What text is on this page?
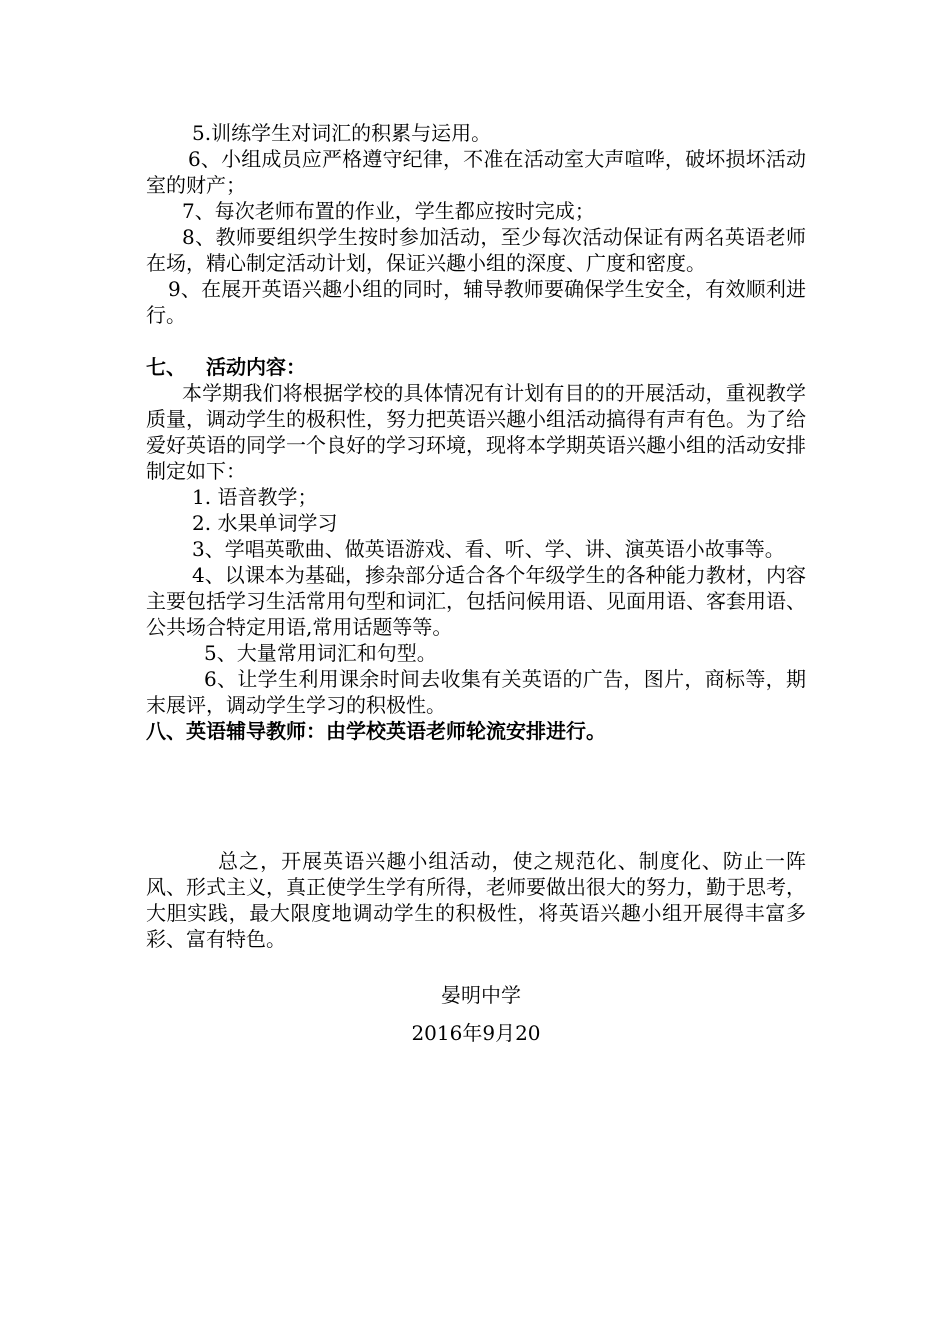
5.训练学生对词汇的积累与运用。

6、小组成员应严格遵守纪律，不准在活动室大声喧哗，破坏损坏活动室的财产；

7、每次老师布置的作业，学生都应按时完成；

8、教师要组织学生按时参加活动，至少每次活动保证有两名英语老师在场，精心制定活动计划，保证兴趣小组的深度、广度和密度。

9、在展开英语兴趣小组的同时，辅导教师要确保学生安全，有效顺利进行。

七、 活动内容：

本学期我们将根据学校的具体情况有计划有目的的开展活动，重视教学质量，调动学生的极积性，努力把英语兴趣小组活动搞得有声有色。为了给爱好英语的同学一个良好的学习环境，现将本学期英语兴趣小组的活动安排制定如下：

1. 语音教学；

2. 水果单词学习

3、学唱英歌曲、做英语游戏、看、听、学、讲、演英语小故事等。

4、以课本为基础，掺杂部分适合各个年级学生的各种能力教材，内容主要包括学习生活常用句型和词汇，包括问候用语、见面用语、客套用语、公共场合特定用语,常用话题等等。

5、大量常用词汇和句型。

6、让学生利用课余时间去收集有关英语的广告，图片，商标等，期末展评，调动学生学习的积极性。

八、英语辅导教师：由学校英语老师轮流安排进行。

总之，开展英语兴趣小组活动，使之规范化、制度化、防止一阵风、形式主义，真正使学生学有所得，老师要做出很大的努力，勤于思考，大胆实践，最大限度地调动学生的积极性，将英语兴趣小组开展得丰富多彩、富有特色。

晏明中学

2016年9月20
